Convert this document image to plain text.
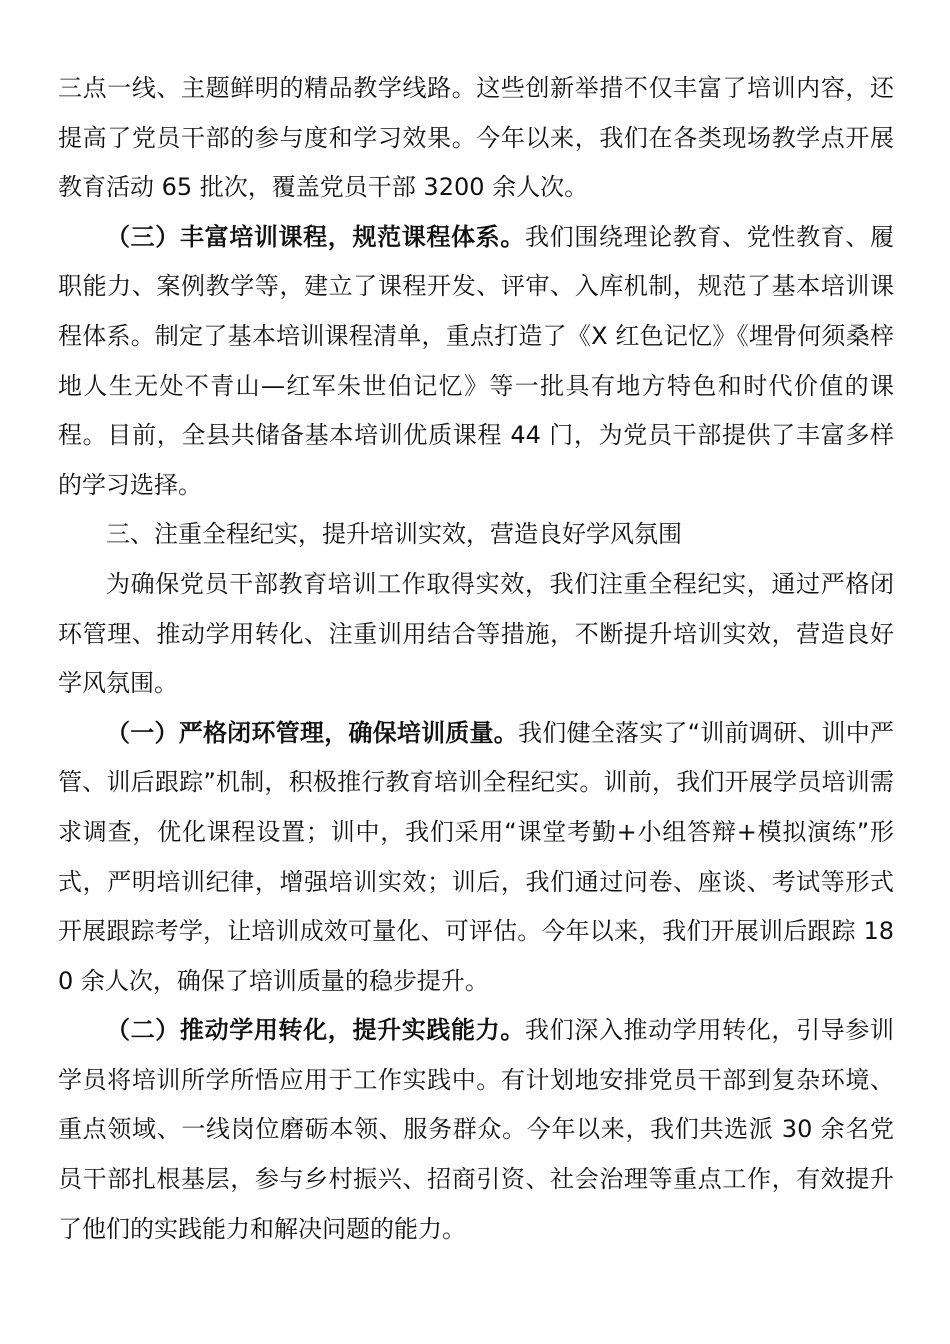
三点一线、主题鲜明的精品教学线路。这些创新举措不仅丰富了培训内容，还提高了党员干部的参与度和学习效果。今年以来，我们在各类现场教学点开展教育活动 65 批次，覆盖党员干部 3200 余人次。

（三）丰富培训课程，规范课程体系。我们围绕理论教育、党性教育、履职能力、案例教学等，建立了课程开发、评审、入库机制，规范了基本培训课程体系。制定了基本培训课程清单，重点打造了《X 红色记忆》《埋骨何须桑梓地人生无处不青山—红军朱世伯记忆》等一批具有地方特色和时代价值的课程。目前，全县共储备基本培训优质课程 44 门，为党员干部提供了丰富多样的学习选择。

三、注重全程纪实，提升培训实效，营造良好学风氛围

为确保党员干部教育培训工作取得实效，我们注重全程纪实，通过严格闭环管理、推动学用转化、注重训用结合等措施，不断提升培训实效，营造良好学风氛围。

（一）严格闭环管理，确保培训质量。我们健全落实了“训前调研、训中严管、训后跟踪”机制，积极推行教育培训全程纪实。训前，我们开展学员培训需求调查，优化课程设置；训中，我们采用“课堂考勤+小组答辩+模拟演练”形式，严明培训纪律，增强培训实效；训后，我们通过问卷、座谈、考试等形式开展跟踪考学，让培训成效可量化、可评估。今年以来，我们开展训后跟踪 180 余人次，确保了培训质量的稳步提升。

（二）推动学用转化，提升实践能力。我们深入推动学用转化，引导参训学员将培训所学所悟应用于工作实践中。有计划地安排党员干部到复杂环境、重点领域、一线岗位磨砺本领、服务群众。今年以来，我们共选派 30 余名党员干部扎根基层，参与乡村振兴、招商引资、社会治理等重点工作，有效提升了他们的实践能力和解决问题的能力。
